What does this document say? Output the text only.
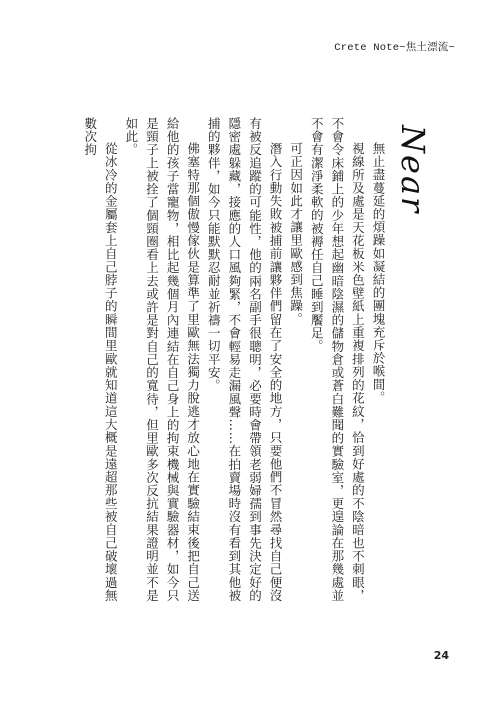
Crete Note~焦土漂流~
Near

無止盡蔓延的煩躁如凝結的團塊充斥於喉間。

視線所及處是天花板米色壁紙上重複排列的花紋，恰到好處的不陰暗也不刺眼，不會令床鋪上的少年想起幽暗陰濕的儲物倉或蒼白難聞的實驗室，更遑論在那幾處並不會有潔淨柔軟的被褥任自己睡到饜足。

可正因如此才讓里歐感到焦躁。

潛入行動失敗被捕前讓夥伴們留在了安全的地方，只要他們不冒然尋找自己便沒有被反追蹤的可能性，他的兩名副手很聰明，必要時會帶領老弱婦孺到事先決定好的隱密處躲藏，接應的人口風夠緊，不會輕易走漏風聲……在拍賣場時沒有看到其他被捕的夥伴，如今只能默默忍耐並祈禱一切平安。

佛塞特那個傲慢傢伙是算準了里歐無法獨力脫逃才放心地在實驗結束後把自己送給他的孩子當寵物，相比起幾個月內連結在自己身上的拘束機械與實驗器材，如今只是頸子上被拴了個頸圈看上去或許是對自己的寬待，但里歐多次反抗結果證明並不是如此。

從冰冷的金屬套上自己脖子的瞬間里歐就知道這大概是遠超那些被自己破壞過無數次拘

24
